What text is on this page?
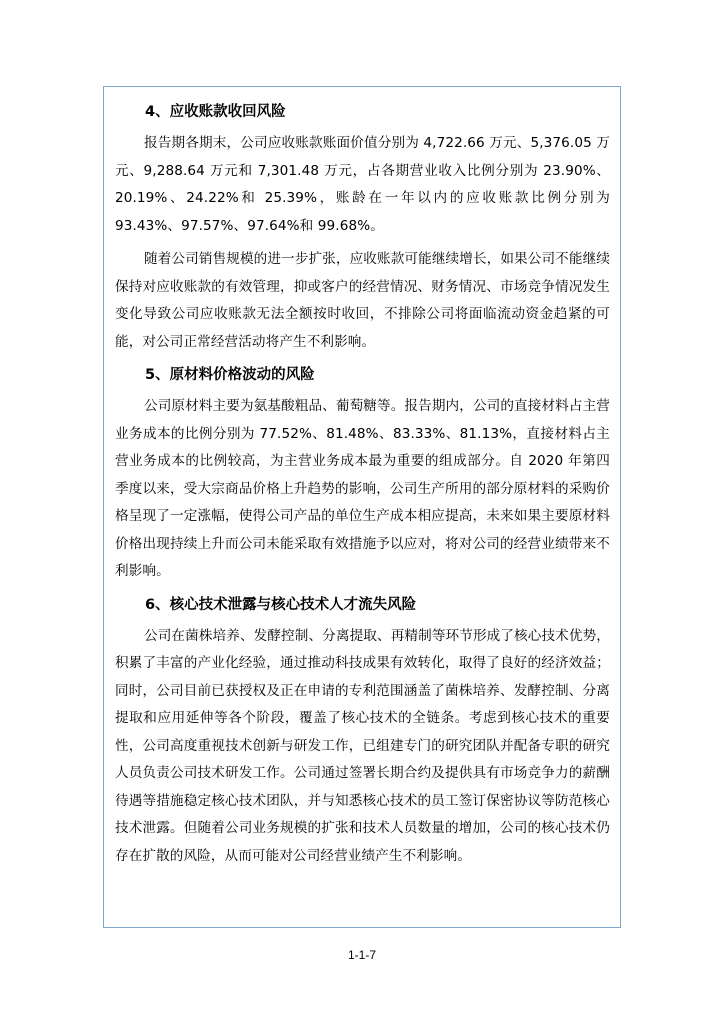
4、应收账款收回风险

报告期各期末，公司应收账款账面价值分别为 4,722.66 万元、5,376.05 万元、9,288.64 万元和 7,301.48 万元，占各期营业收入比例分别为 23.90%、20.19%、24.22%和 25.39%，账龄在一年以内的应收账款比例分别为 93.43%、97.57%、97.64%和 99.68%。

随着公司销售规模的进一步扩张，应收账款可能继续增长，如果公司不能继续保持对应收账款的有效管理，抑或客户的经营情况、财务情况、市场竞争情况发生变化导致公司应收账款无法全额按时收回，不排除公司将面临流动资金趋紧的可能，对公司正常经营活动将产生不利影响。

5、原材料价格波动的风险

公司原材料主要为氨基酸粗品、葡萄糖等。报告期内，公司的直接材料占主营业务成本的比例分别为 77.52%、81.48%、83.33%、81.13%，直接材料占主营业务成本的比例较高，为主营业务成本最为重要的组成部分。自 2020 年第四季度以来，受大宗商品价格上升趋势的影响，公司生产所用的部分原材料的采购价格呈现了一定涨幅，使得公司产品的单位生产成本相应提高，未来如果主要原材料价格出现持续上升而公司未能采取有效措施予以应对，将对公司的经营业绩带来不利影响。

6、核心技术泄露与核心技术人才流失风险

公司在菌株培养、发酵控制、分离提取、再精制等环节形成了核心技术优势，积累了丰富的产业化经验，通过推动科技成果有效转化，取得了良好的经济效益；同时，公司目前已获授权及正在申请的专利范围涵盖了菌株培养、发酵控制、分离提取和应用延伸等各个阶段，覆盖了核心技术的全链条。考虑到核心技术的重要性，公司高度重视技术创新与研发工作，已组建专门的研究团队并配备专职的研究人员负责公司技术研发工作。公司通过签署长期合约及提供具有市场竞争力的薪酬待遇等措施稳定核心技术团队，并与知悉核心技术的员工签订保密协议等防范核心技术泄露。但随着公司业务规模的扩张和技术人员数量的增加，公司的核心技术仍存在扩散的风险，从而可能对公司经营业绩产生不利影响。

1-1-7
